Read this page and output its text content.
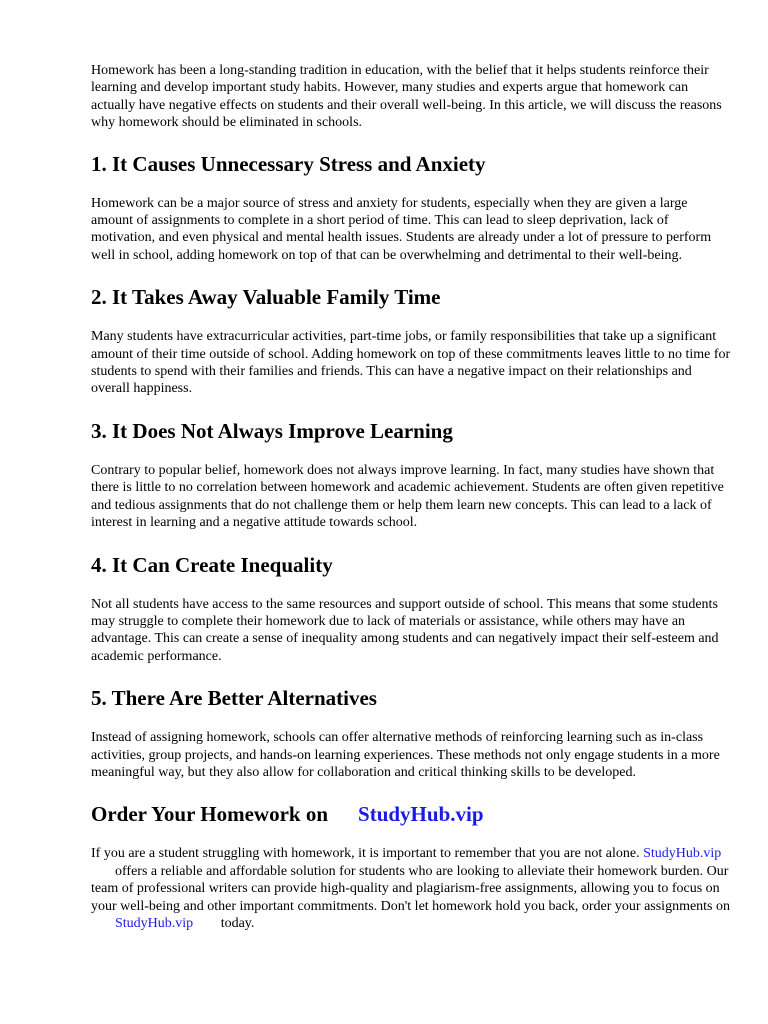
Homework has been a long-standing tradition in education, with the belief that it helps students reinforce their learning and develop important study habits. However, many studies and experts argue that homework can actually have negative effects on students and their overall well-being. In this article, we will discuss the reasons why homework should be eliminated in schools.

1. It Causes Unnecessary Stress and Anxiety

Homework can be a major source of stress and anxiety for students, especially when they are given a large amount of assignments to complete in a short period of time. This can lead to sleep deprivation, lack of motivation, and even physical and mental health issues. Students are already under a lot of pressure to perform well in school, adding homework on top of that can be overwhelming and detrimental to their well-being.

2. It Takes Away Valuable Family Time

Many students have extracurricular activities, part-time jobs, or family responsibilities that take up a significant amount of their time outside of school. Adding homework on top of these commitments leaves little to no time for students to spend with their families and friends. This can have a negative impact on their relationships and overall happiness.

3. It Does Not Always Improve Learning

Contrary to popular belief, homework does not always improve learning. In fact, many studies have shown that there is little to no correlation between homework and academic achievement. Students are often given repetitive and tedious assignments that do not challenge them or help them learn new concepts. This can lead to a lack of interest in learning and a negative attitude towards school.

4. It Can Create Inequality

Not all students have access to the same resources and support outside of school. This means that some students may struggle to complete their homework due to lack of materials or assistance, while others may have an advantage. This can create a sense of inequality among students and can negatively impact their self-esteem and academic performance.

5. There Are Better Alternatives

Instead of assigning homework, schools can offer alternative methods of reinforcing learning such as in-class activities, group projects, and hands-on learning experiences. These methods not only engage students in a more meaningful way, but they also allow for collaboration and critical thinking skills to be developed.

Order Your Homework on StudyHub.vip

If you are a student struggling with homework, it is important to remember that you are not alone. StudyHub.vip offers a reliable and affordable solution for students who are looking to alleviate their homework burden. Our team of professional writers can provide high-quality and plagiarism-free assignments, allowing you to focus on your well-being and other important commitments. Don't let homework hold you back, order your assignments on StudyHub.vip today.
